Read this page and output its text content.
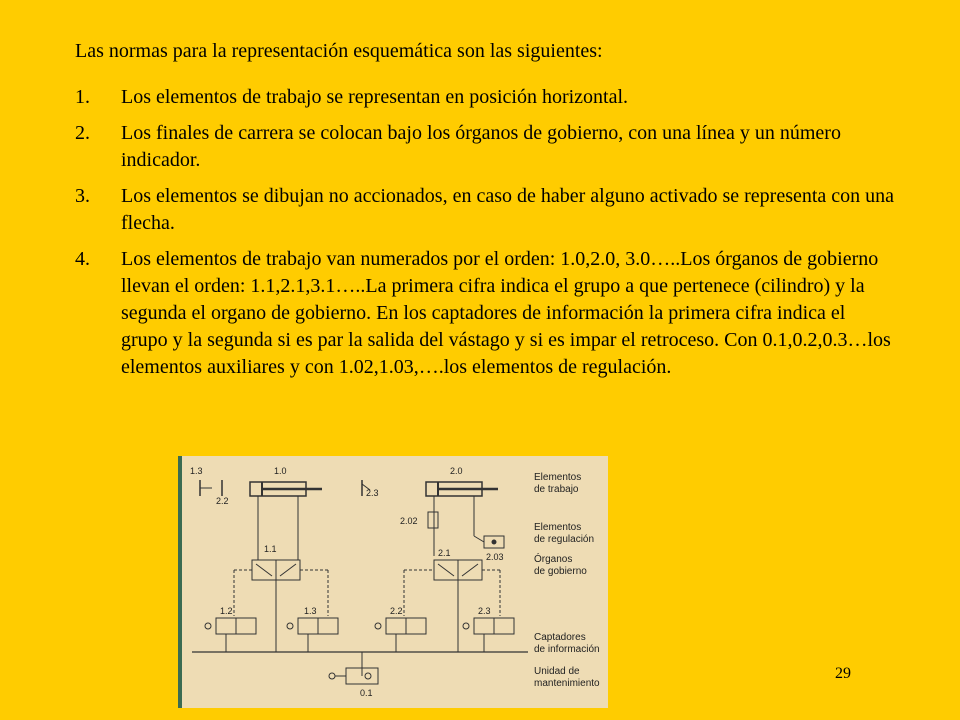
Las normas para la representación esquemática son las siguientes:

1. Los elementos de trabajo se representan en posición horizontal.
2. Los finales de carrera se colocan bajo los órganos de gobierno, con una línea y un número indicador.
3. Los elementos se dibujan no accionados, en caso de haber alguno activado se representa con una flecha.
4. Los elementos de trabajo van numerados por el orden: 1.0,2.0, 3.0…..Los órganos de gobierno llevan el orden: 1.1,2.1,3.1…..La primera cifra indica el grupo a que pertenece (cilindro) y la segunda el organo de gobierno. En los captadores de información la primera cifra indica el grupo y la segunda si es par la salida del vástago y si es impar el retroceso. Con 0.1,0.2,0.3…los elementos auxiliares y con 1.02,1.03,….los elementos de regulación.
1.3
2.2
1.0
2.3
2.0
2.02
2.03
1.1	2.1
1.2	1.3	2.2	2.3
0.1
Elementos
de trabajo
Elementos
de regulación
Órganos
de gobierno
Captadores
de información
Unidad de
mantenimiento
29
